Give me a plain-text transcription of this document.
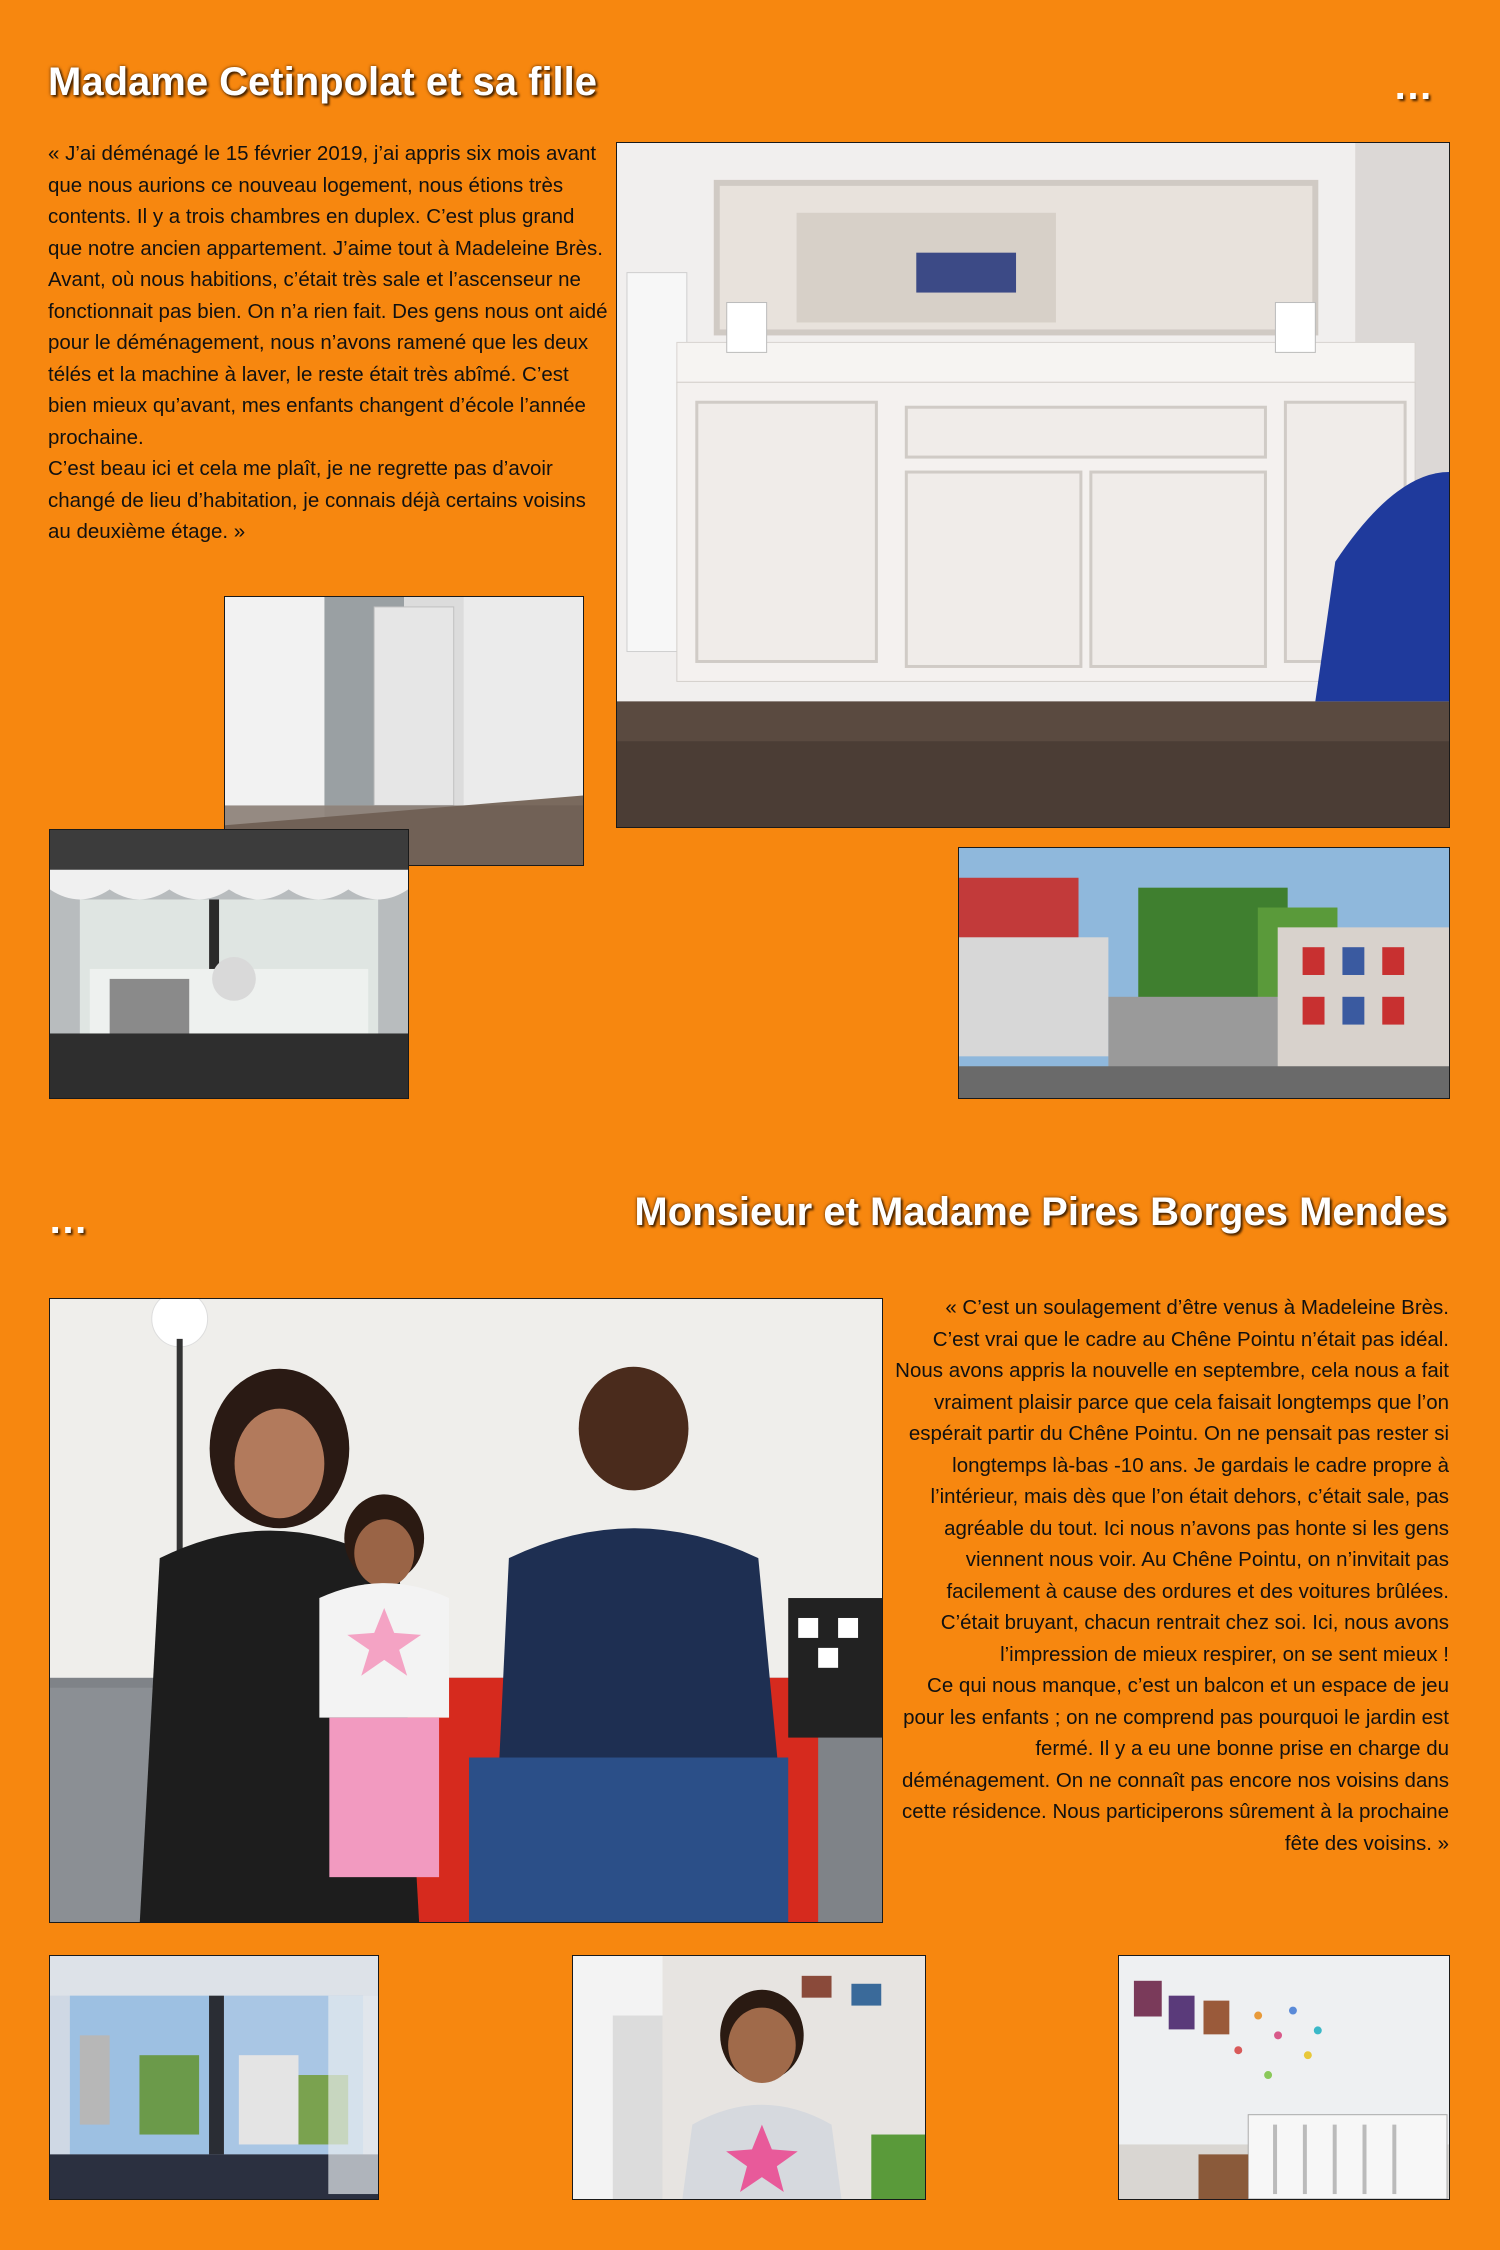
Madame Cetinpolat et sa fille	…

« J’ai déménagé le 15 février 2019, j’ai appris six mois avant que nous aurions ce nouveau logement, nous étions très contents. Il y a trois chambres en duplex. C’est plus grand que notre ancien appartement. J’aime tout à Madeleine Brès. Avant, où nous habitions, c’était très sale et l’ascenseur ne fonctionnait pas bien. On n’a rien fait. Des gens nous ont aidé pour le déménagement, nous n’avons ramené que les deux télés et la machine à laver, le reste était très abîmé. C’est bien mieux qu’avant, mes enfants changent d’école l’année prochaine.

C’est beau ici et cela me plaît, je ne regrette pas d’avoir changé de lieu d’habitation, je connais déjà certains voisins au deuxième étage. »

…	Monsieur et Madame Pires Borges Mendes

« C’est un soulagement d’être venus à Madeleine Brès. C’est vrai que le cadre au Chêne Pointu n’était pas idéal. Nous avons appris la nouvelle en septembre, cela nous a fait vraiment plaisir parce que cela faisait longtemps que l’on espérait partir du Chêne Pointu. On ne pensait pas rester si longtemps là-bas -10 ans. Je gardais le cadre propre à l’intérieur, mais dès que l’on était dehors, c’était sale, pas agréable du tout. Ici nous n’avons pas honte si les gens viennent nous voir. Au Chêne Pointu, on n’invitait pas facilement à cause des ordures et des voitures brûlées. C’était bruyant, chacun rentrait chez soi. Ici, nous avons l’impression de mieux respirer, on se sent mieux !

Ce qui nous manque, c’est un balcon et un espace de jeu pour les enfants ; on ne comprend pas pourquoi le jardin est fermé. Il y a eu une bonne prise en charge du déménagement. On ne connaît pas encore nos voisins dans cette résidence. Nous participerons sûrement à la prochaine fête des voisins. »
